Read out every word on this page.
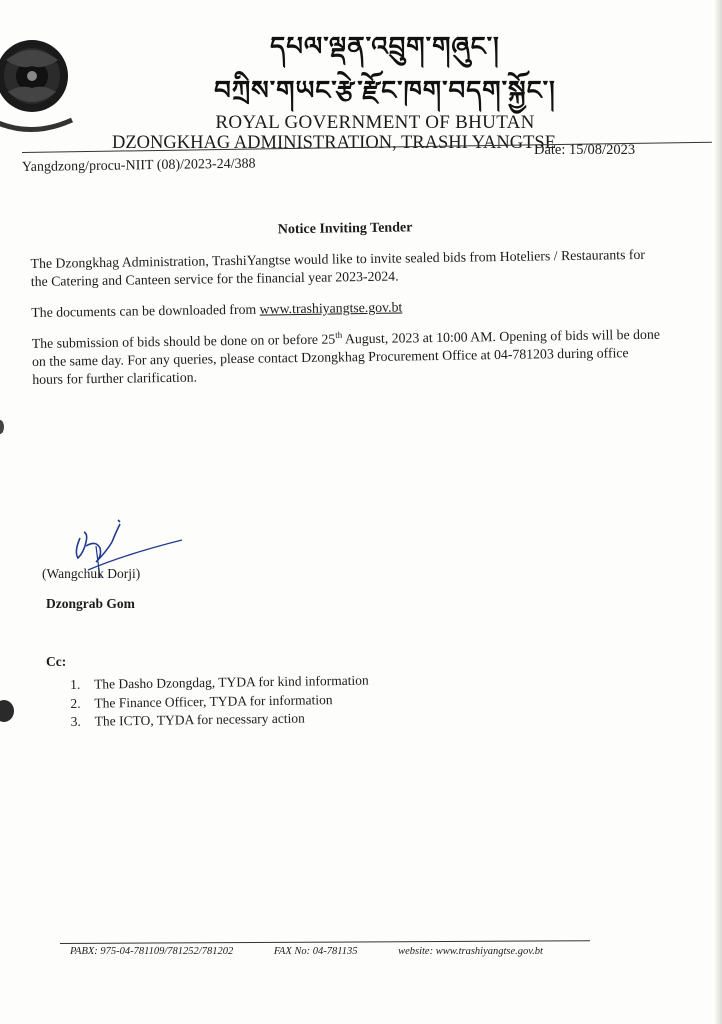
དཔལ་ལྡན་འབྲུག་གཞུང་།
བཀྲིས་གཡང་རྩེ་རྫོང་ཁག་བདག་སྐྱོང་།
ROYAL GOVERNMENT OF BHUTAN
DZONGKHAG ADMINISTRATION, TRASHI YANGTSE
Date: 15/08/2023
Yangdzong/procu-NIIT (08)/2023-24/388
Notice Inviting Tender

The Dzongkhag Administration, TrashiYangtse would like to invite sealed bids from Hoteliers / Restaurants for the Catering and Canteen service for the financial year 2023-2024.

The documents can be downloaded from www.trashiyangtse.gov.bt

The submission of bids should be done on or before 25th August, 2023 at 10:00 AM. Opening of bids will be done on the same day. For any queries, please contact Dzongkhag Procurement Office at 04-781203 during office hours for further clarification.

(Wangchuk Dorji)
Dzongrab Gom
Cc:
1. The Dasho Dzongdag, TYDA for kind information
2. The Finance Officer, TYDA for information
3. The ICTO, TYDA for necessary action
PABX: 975-04-781109/781252/781202	FAX No: 04-781135	website: www.trashiyangtse.gov.bt
